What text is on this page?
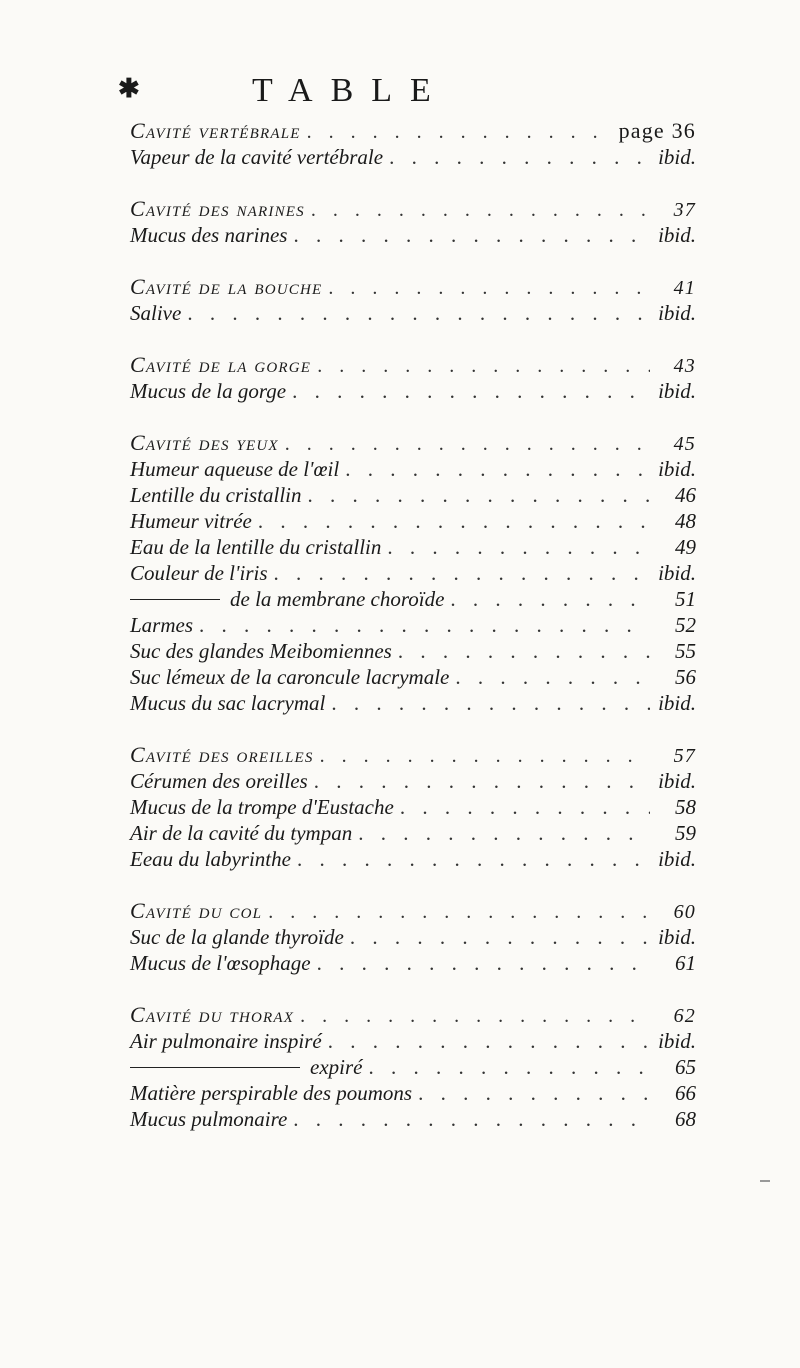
✱	TABLE
Cavité vertébrale . . .	page 36
Vapeur de la cavité vertébrale . . .	ibid.
Cavité des narines . . .	37
Mucus des narines . . .	ibid.
Cavité de la bouche . . .	41
Salive . . .	ibid.
Cavité de la gorge . . .	43
Mucus de la gorge . . .	ibid.
Cavité des yeux . . .	45
Humeur aqueuse de l'œil . . .	ibid.
Lentille du cristallin . . .	46
Humeur vitrée . . .	48
Eau de la lentille du cristallin . . .	49
Couleur de l'iris . . .	ibid.
de la membrane choroïde . . .	51
Larmes . . .	52
Suc des glandes Meibomiennes . . .	55
Suc lémeux de la caroncule lacrymale . . .	56
Mucus du sac lacrymal . . .	ibid.
Cavité des oreilles . . .	57
Cérumen des oreilles . . .	ibid.
Mucus de la trompe d'Eustache . . .	58
Air de la cavité du tympan . . .	59
Eeau du labyrinthe . . .	ibid.
Cavité du col . . .	60
Suc de la glande thyroïde . . .	ibid.
Mucus de l'œsophage . . .	61
Cavité du thorax . . .	62
Air pulmonaire inspiré . . .	ibid.
expiré . . .	65
Matière perspirable des poumons . . .	66
Mucus pulmonaire . . .	68
